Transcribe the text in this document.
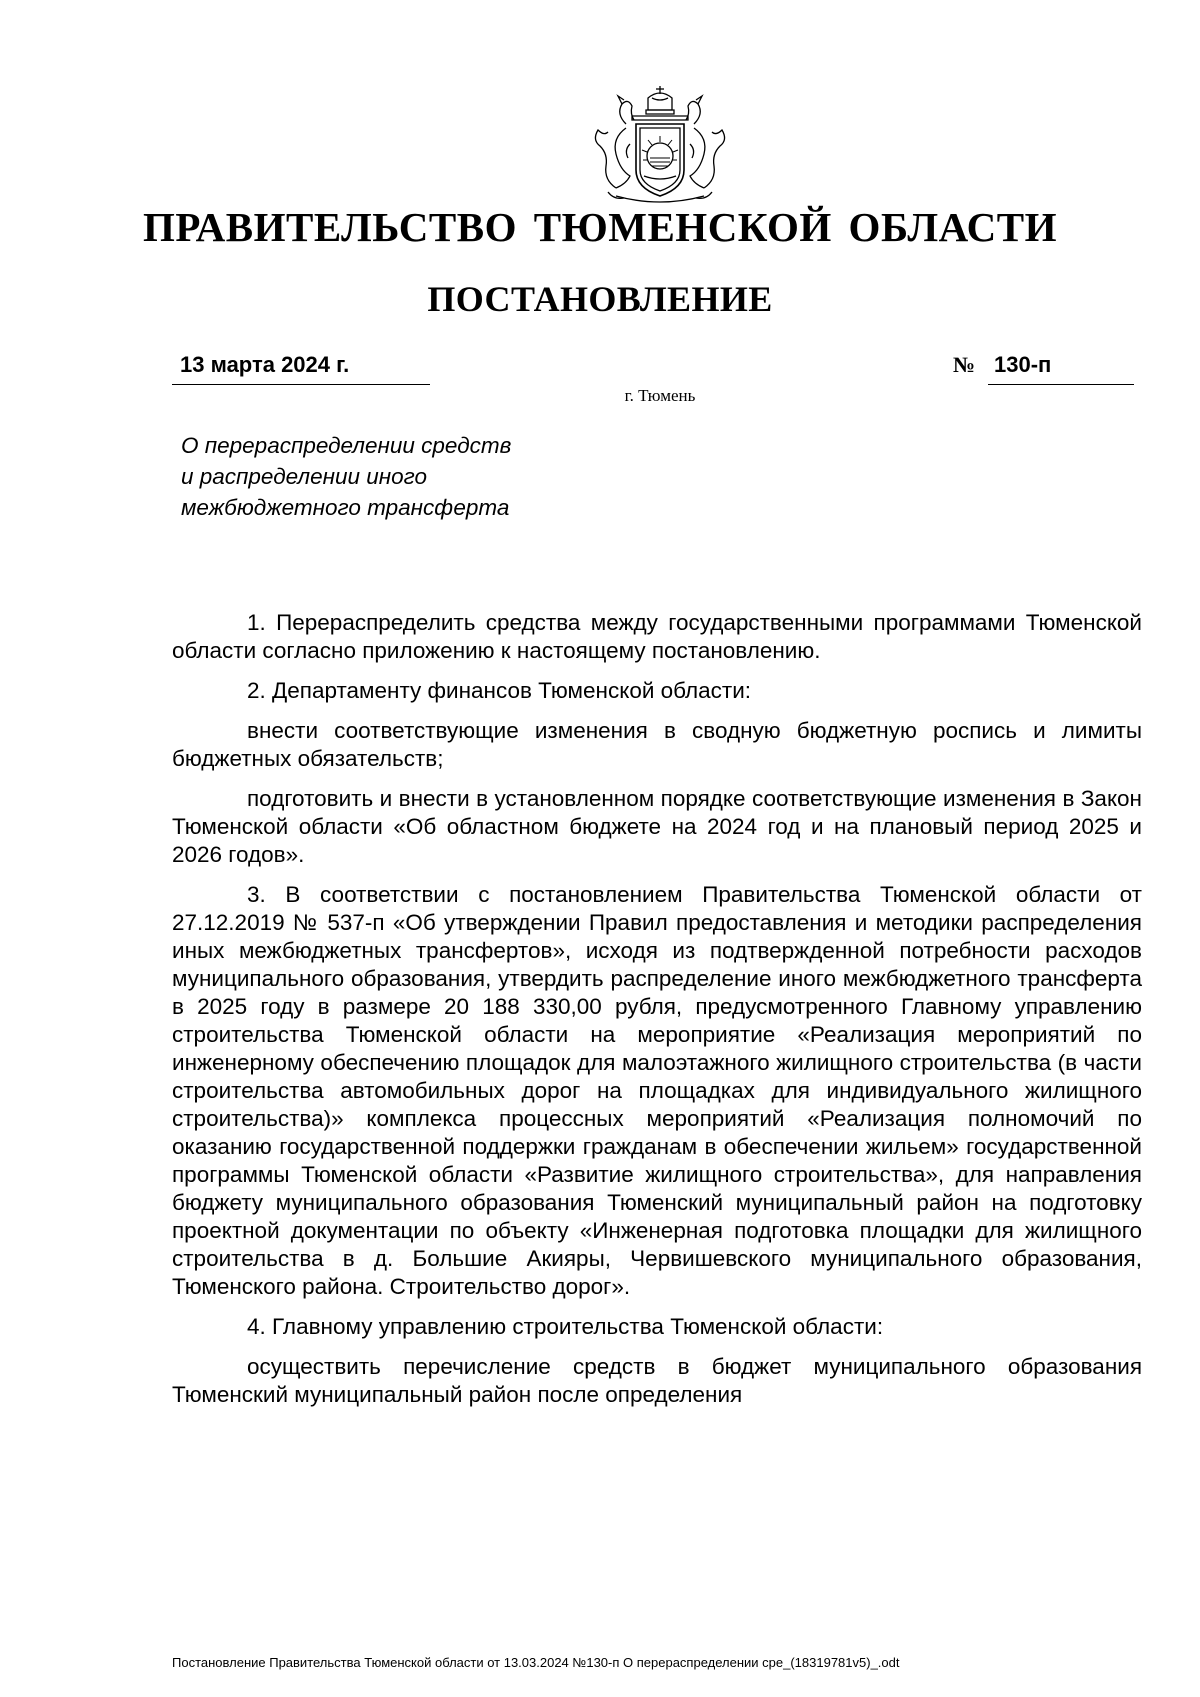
ПРАВИТЕЛЬСТВО ТЮМЕНСКОЙ ОБЛАСТИ
ПОСТАНОВЛЕНИЕ
13 марта 2024 г.	№ 130-п
г. Тюмень
О перераспределении средств
и распределении иного
межбюджетного трансферта

1. Перераспределить средства между государственными программами Тюменской области согласно приложению к настоящему постановлению.

2. Департаменту финансов Тюменской области:

внести соответствующие изменения в сводную бюджетную роспись и лимиты бюджетных обязательств;

подготовить и внести в установленном порядке соответствующие изменения в Закон Тюменской области «Об областном бюджете на 2024 год и на плановый период 2025 и 2026 годов».

3. В соответствии с постановлением Правительства Тюменской области от 27.12.2019 № 537-п «Об утверждении Правил предоставления и методики распределения иных межбюджетных трансфертов», исходя из подтвержденной потребности расходов муниципального образования, утвердить распределение иного межбюджетного трансферта в 2025 году в размере 20 188 330,00 рубля, предусмотренного Главному управлению строительства Тюменской области на мероприятие «Реализация мероприятий по инженерному обеспечению площадок для малоэтажного жилищного строительства (в части строительства автомобильных дорог на площадках для индивидуального жилищного строительства)» комплекса процессных мероприятий «Реализация полномочий по оказанию государственной поддержки гражданам в обеспечении жильем» государственной программы Тюменской области «Развитие жилищного строительства», для направления бюджету муниципального образования Тюменский муниципальный район на подготовку проектной документации по объекту «Инженерная подготовка площадки для жилищного строительства в д. Большие Акияры, Червишевского муниципального образования, Тюменского района. Строительство дорог».

4. Главному управлению строительства Тюменской области:

осуществить перечисление средств в бюджет муниципального образования Тюменский муниципальный район после определения

Постановление Правительства Тюменской области от 13.03.2024 №130-п О перераспределении сре_(18319781v5)_.odt
